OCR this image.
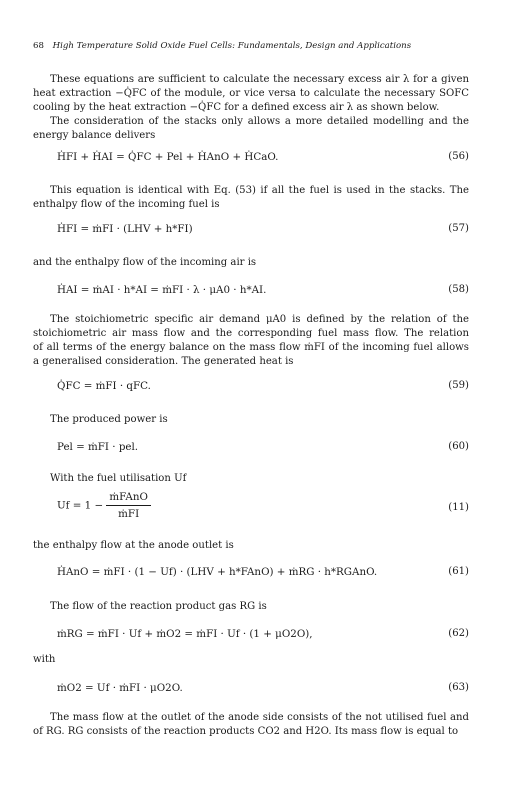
68 High Temperature Solid Oxide Fuel Cells: Fundamentals, Design and Applications
These equations are sufficient to calculate the necessary excess air λ for a given
heat extraction −Q̇FC of the module, or vice versa to calculate the necessary SOFC
cooling by the heat extraction −Q̇FC for a defined excess air λ as shown below.
The consideration of the stacks only allows a more detailed modelling and the
energy balance delivers
ḢFI + ḢAI = Q̇FC + Pel + ḢAnO + ḢCaO.	(56)
This equation is identical with Eq. (53) if all the fuel is used in the stacks. The
enthalpy flow of the incoming fuel is
ḢFI = ṁFI · (LHV + h*FI)	(57)
and the enthalpy flow of the incoming air is
ḢAI = ṁAI · h*AI = ṁFI · λ · μA0 · h*AI.	(58)
The stoichiometric specific air demand μA0 is defined by the relation of the
stoichiometric air mass flow and the corresponding fuel mass flow. The relation
of all terms of the energy balance on the mass flow ṁFI of the incoming fuel allows
a generalised consideration. The generated heat is
Q̇FC = ṁFI · qFC.	(59)
The produced power is
Pel = ṁFI · pel.	(60)
With the fuel utilisation Uf
$Uf = 1 - \frac{\text{ṁFAnO}}{\text{ṁFI}}$	(11)
the enthalpy flow at the anode outlet is
ḢAnO = ṁFI · (1 − Uf) · (LHV + h*FAnO) + ṁRG · h*RGAnO.	(61)
The flow of the reaction product gas RG is
ṁRG = ṁFI · Uf + ṁO2 = ṁFI · Uf · (1 + μO2O),	(62)
with
ṁO2 = Uf · ṁFI · μO2O.	(63)
The mass flow at the outlet of the anode side consists of the not utilised fuel and
of RG. RG consists of the reaction products CO2 and H2O. Its mass flow is equal to
